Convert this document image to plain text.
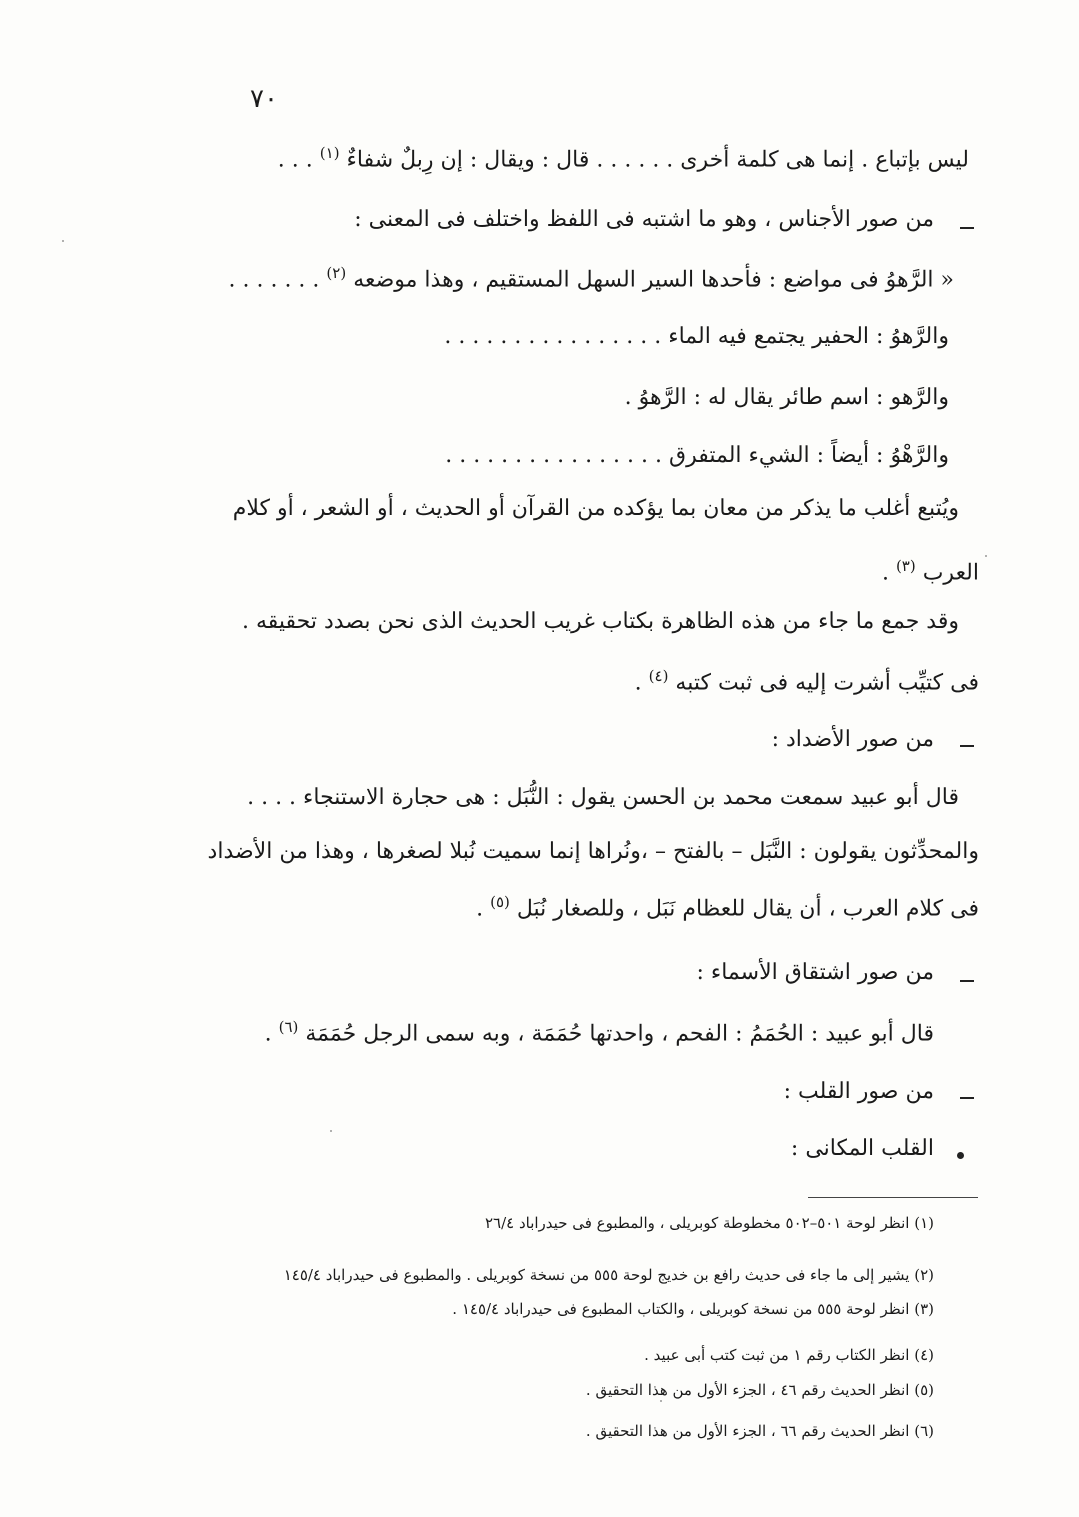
٧٠
ليس بإتباع . إنما هى كلمة أخرى . . . . . . قال : ويقال : إن رِبلٌ شفاءٌ $^{(١)}$ . . .
من صور الأجناس ، وهو ما اشتبه فى اللفظ واختلف فى المعنى :
« الرَّهوُ فى مواضع : فأحدها السير السهل المستقيم ، وهذا موضعه $^{(٢)}$ . . . . . . .
والرَّهوُ : الحفير يجتمع فيه الماء . . . . . . . . . . . . . . . .
والرَّهو : اسم طائر يقال له : الرَّهوُ .
والرَّهْوُ : أيضاً : الشيء المتفرق . . . . . . . . . . . . . . . .
ويُتبع أغلب ما يذكر من معان بما يؤكده من القرآن أو الحديث ، أو الشعر ، أو كلام
العرب $^{(٣)}$ .
وقد جمع ما جاء من هذه الظاهرة بكتاب غريب الحديث الذى نحن بصدد تحقيقه .
فى كتيِّب أشرت إليه فى ثبت كتبه $^{(٤)}$ .
من صور الأضداد :
قال أبو عبيد سمعت محمد بن الحسن يقول : النُّبَل : هى حجارة الاستنجاء . . . .
والمحدِّثون يقولون : النَّبَل – بالفتح – ،ونُراها إنما سميت نُبلا لصغرها ، وهذا من الأضداد
فى كلام العرب ، أن يقال للعظام نَبَل ، وللصغار نُبَل $^{(٥)}$ .
من صور اشتقاق الأسماء :
قال أبو عبيد : الحُمَمُ : الفحم ، واحدتها حُمَمَة ، وبه سمى الرجل حُمَمَة $^{(٦)}$ .
من صور القلب :
القلب المكانى :
(١) انظر لوحة ٥٠١–٥٠٢ مخطوطة كوبريلى ، والمطبوع فى حيدراباد ٢٦/٤
(٢) يشير إلى ما جاء فى حديث رافع بن خديج لوحة ٥٥٥ من نسخة كوبريلى . والمطبوع فى حيدراباد ١٤٥/٤
(٣) انظر لوحة ٥٥٥ من نسخة كوبريلى ، والكتاب المطبوع فى حيدراباد ١٤٥/٤ .
(٤) انظر الكتاب رقم ١ من ثبت كتب أبى عبيد .
(٥) انظر الحديث رقم ٤٦ ، الجزء الأول من هذا التحقيق .
(٦) انظر الحديث رقم ٦٦ ، الجزء الأول من هذا التحقيق .
